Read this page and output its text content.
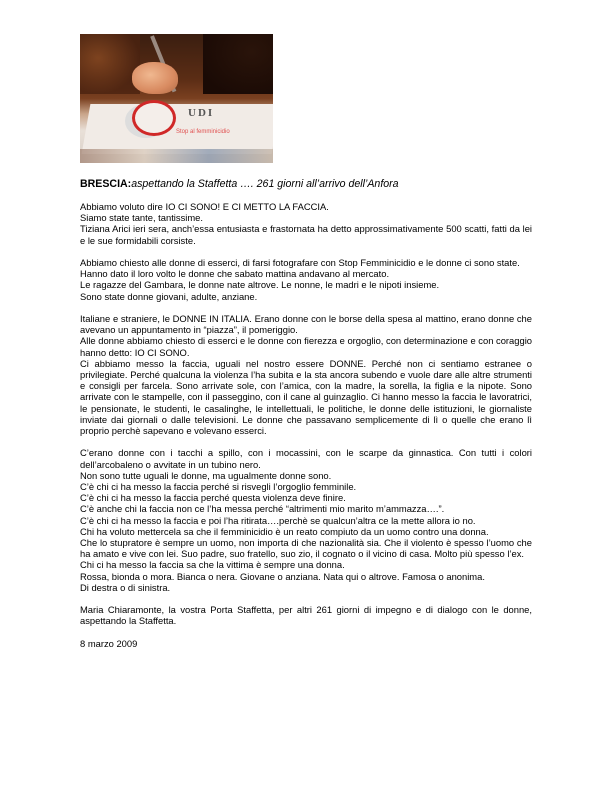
UDI
Stop al femminicidio
BRESCIA:aspettando la Staffetta …. 261 giorni all’arrivo dell’Anfora

Abbiamo voluto dire IO CI SONO! E CI METTO LA FACCIA.
Siamo state tante, tantissime.
Tiziana Arici ieri sera, anch’essa entusiasta e frastornata ha detto approssimativamente 500 scatti, fatti da lei e le sue formidabili corsiste.

Abbiamo chiesto alle donne di esserci, di farsi fotografare con Stop Femminicidio e le donne ci sono state.
Hanno dato il loro volto le donne che sabato mattina andavano al mercato.
Le ragazze del Gambara, le donne nate altrove. Le nonne, le madri e le nipoti insieme.
Sono state donne giovani, adulte, anziane.

Italiane e straniere, le DONNE IN ITALIA. Erano donne con le borse della spesa al mattino, erano donne che avevano un appuntamento in “piazza”, il pomeriggio.
Alle donne abbiamo chiesto di esserci e le donne con fierezza e orgoglio, con determinazione e con coraggio hanno detto: IO CI SONO.
Ci abbiamo messo la faccia, uguali nel nostro essere DONNE. Perché non ci sentiamo estranee o privilegiate. Perché qualcuna la violenza l’ha subita e la sta ancora subendo e vuole dare alle altre strumenti e consigli per farcela. Sono arrivate sole, con l’amica, con la madre, la sorella, la figlia e la nipote. Sono arrivate con le stampelle, con il passeggino, con il cane al guinzaglio. Ci hanno messo la faccia le lavoratrici, le pensionate, le studenti, le casalinghe, le intellettuali, le politiche, le donne delle istituzioni, le giornaliste inviate dai giornali o dalle televisioni. Le donne che passavano semplicemente di lì o quelle che erano lì proprio perchè sapevano e volevano esserci.

C’erano donne con i tacchi a spillo, con i mocassini, con le scarpe da ginnastica. Con tutti i colori dell’arcobaleno o avvitate in un tubino nero.
Non sono tutte uguali le donne, ma ugualmente donne sono.
C’è chi ci ha messo la faccia perché si risvegli l’orgoglio femminile.
C’è chi ci ha messo la faccia perché questa violenza deve finire.
C’è anche chi la faccia non ce l’ha messa perché “altrimenti mio marito m’ammazza….”.
C’è chi ci ha messo la faccia e poi l’ha ritirata….perchè se qualcun’altra ce la mette allora io no.
Chi ha voluto mettercela sa che il femminicidio è un reato compiuto da un uomo contro una donna.
Che lo stupratore è sempre un uomo, non importa di che nazionalità sia. Che il violento è spesso l’uomo che ha amato e vive con lei. Suo padre, suo fratello, suo zio, il cognato o il vicino di casa. Molto più spesso l’ex.
Chi ci ha messo la faccia sa che la vittima è sempre una donna.
Rossa, bionda o mora. Bianca o nera. Giovane o anziana. Nata qui o altrove. Famosa o anonima.
Di destra o di sinistra.

Maria Chiaramonte, la vostra Porta Staffetta, per altri 261 giorni di impegno e di dialogo con le donne, aspettando la Staffetta.

8 marzo 2009
